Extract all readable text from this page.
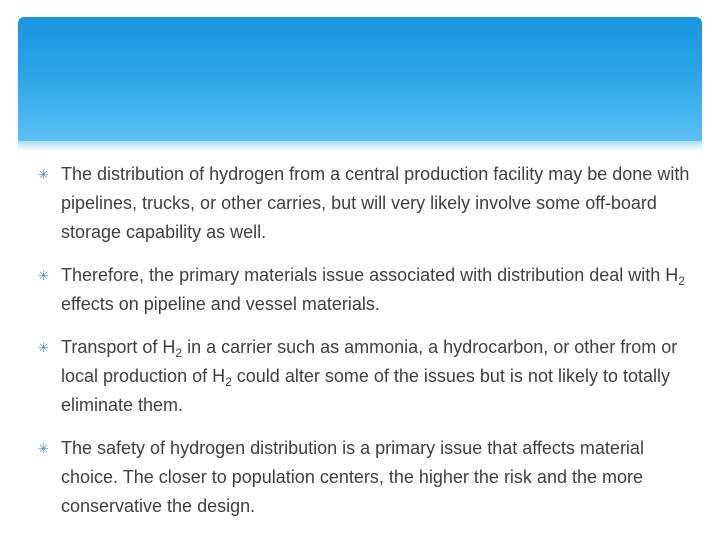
✳ The distribution of hydrogen from a central production facility may be done with pipelines, trucks, or other carries, but will very likely involve some off-board storage capability as well.
✳ Therefore, the primary materials issue associated with distribution deal with $H_2$ effects on pipeline and vessel materials.
✳ Transport of $H_2$ in a carrier such as ammonia, a hydrocarbon, or other from or local production of $H_2$ could alter some of the issues but is not likely to totally eliminate them.
✳ The safety of hydrogen distribution is a primary issue that affects material choice. The closer to population centers, the higher the risk and the more conservative the design.
